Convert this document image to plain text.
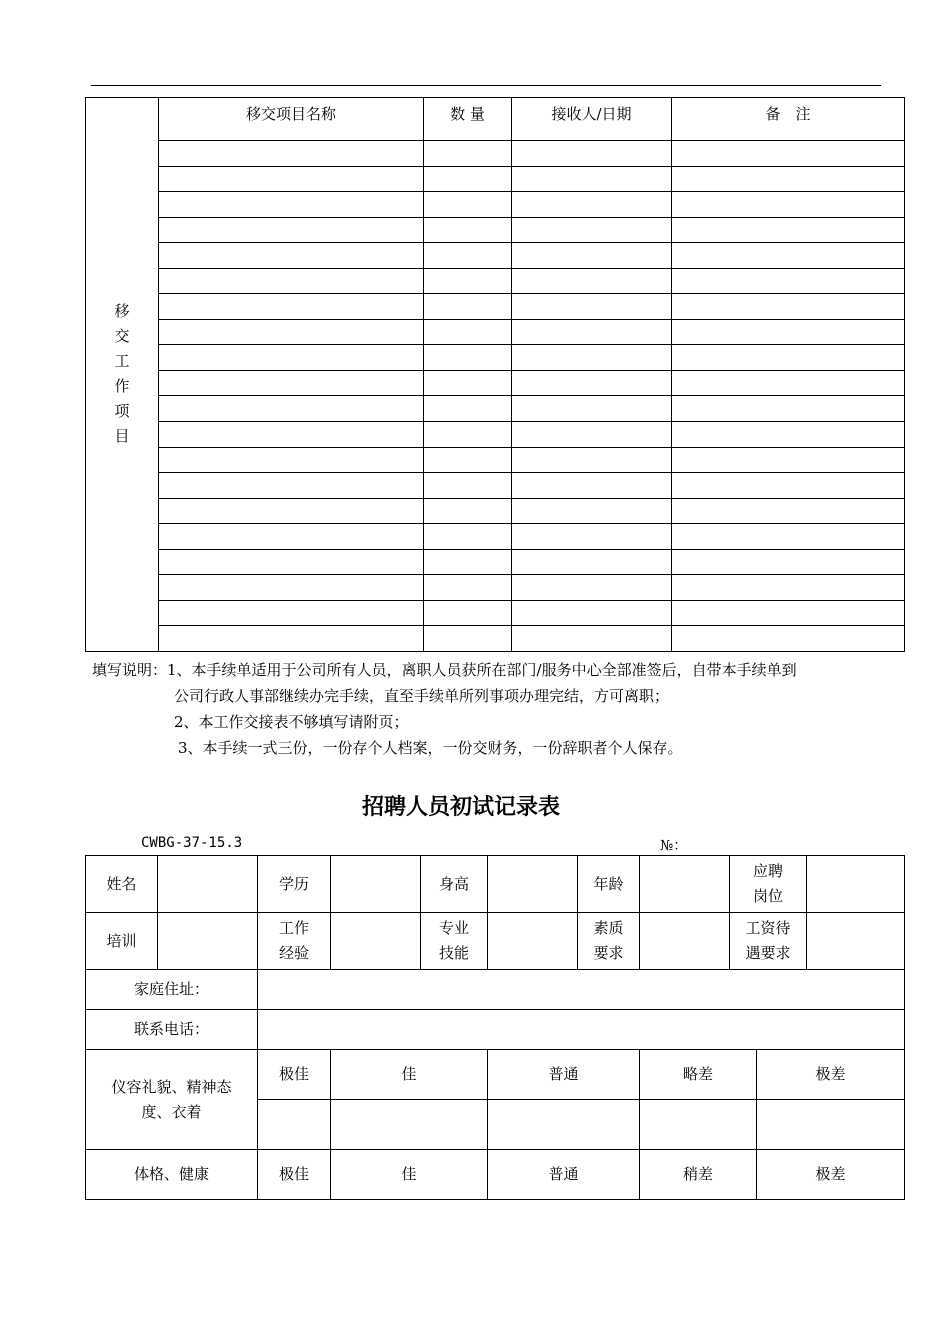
移交工作项目	移交项目名称	数 量	接收人/日期	备　注

填写说明：1、本手续单适用于公司所有人员，离职人员获所在部门/服务中心全部准签后，自带本手续单到
公司行政人事部继续办完手续，直至手续单所列事项办理完结，方可离职；
2、本工作交接表不够填写请附页；
3、本手续一式三份，一份存个人档案，一份交财务，一份辞职者个人保存。
招聘人员初试记录表
CWBG-37-15.3	№：
姓名		学历		身高		年龄		应聘岗位		

培训		工作经验		专业技能		素质要求		工资待遇要求		

家庭住址：										
联系电话：										

仪容礼貌、精神态度、衣着		极佳	佳		普通		略差		极差	

体格、健康		极佳	佳		普通		稍差		极差	
